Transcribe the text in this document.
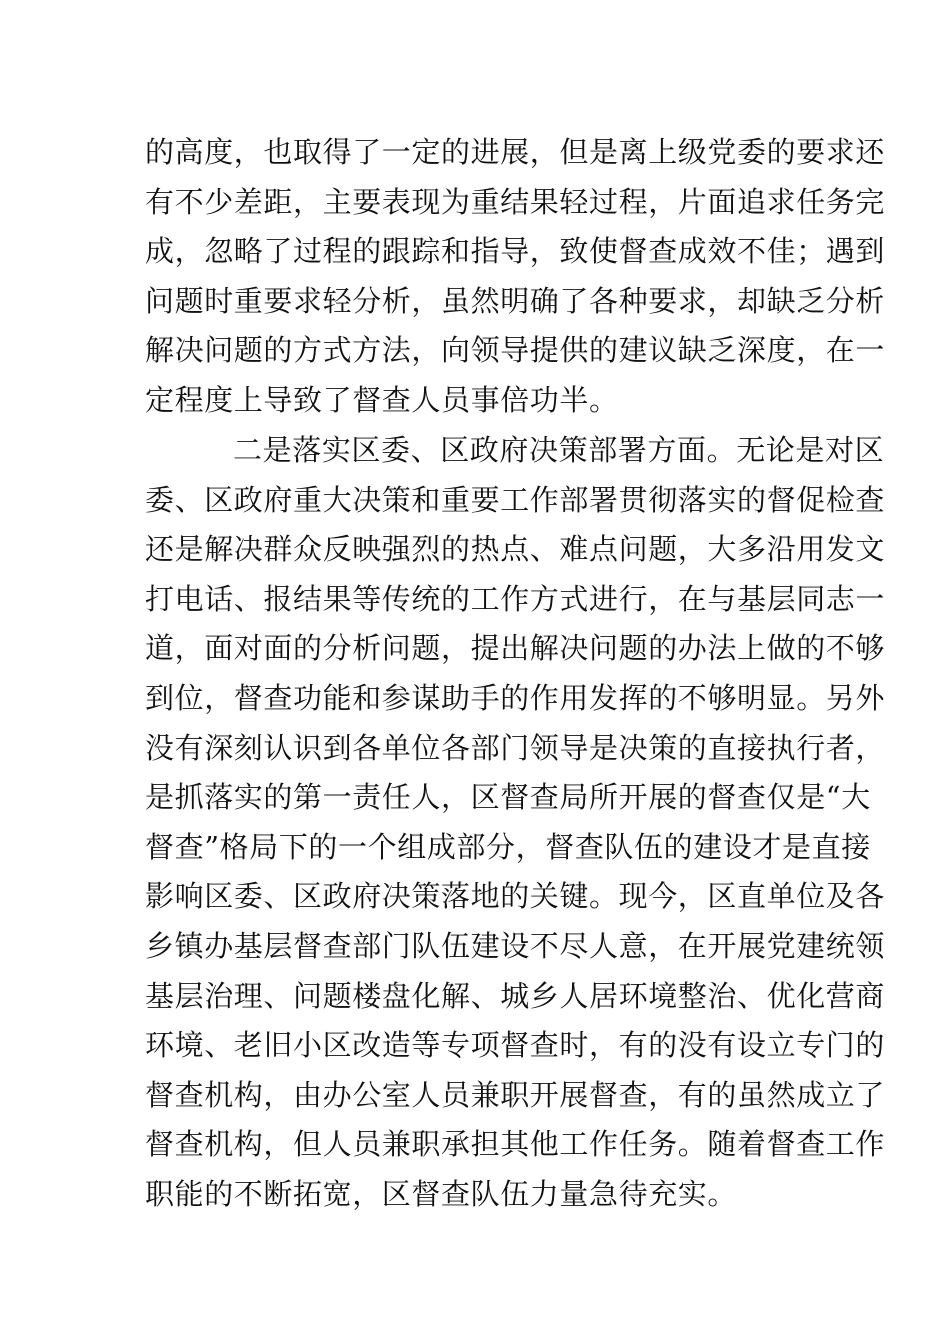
的高度，也取得了一定的进展，但是离上级党委的要求还
有不少差距，主要表现为重结果轻过程，片面追求任务完
成，忽略了过程的跟踪和指导，致使督查成效不佳；遇到
问题时重要求轻分析，虽然明确了各种要求，却缺乏分析
解决问题的方式方法，向领导提供的建议缺乏深度，在一
定程度上导致了督查人员事倍功半。
二是落实区委、区政府决策部署方面。无论是对区
委、区政府重大决策和重要工作部署贯彻落实的督促检查
还是解决群众反映强烈的热点、难点问题，大多沿用发文
打电话、报结果等传统的工作方式进行，在与基层同志一
道，面对面的分析问题，提出解决问题的办法上做的不够
到位，督查功能和参谋助手的作用发挥的不够明显。另外
没有深刻认识到各单位各部门领导是决策的直接执行者，
是抓落实的第一责任人，区督查局所开展的督查仅是“大
督查”格局下的一个组成部分，督查队伍的建设才是直接
影响区委、区政府决策落地的关键。现今，区直单位及各
乡镇办基层督查部门队伍建设不尽人意，在开展党建统领
基层治理、问题楼盘化解、城乡人居环境整治、优化营商
环境、老旧小区改造等专项督查时，有的没有设立专门的
督查机构，由办公室人员兼职开展督查，有的虽然成立了
督查机构，但人员兼职承担其他工作任务。随着督查工作
职能的不断拓宽，区督查队伍力量急待充实。
